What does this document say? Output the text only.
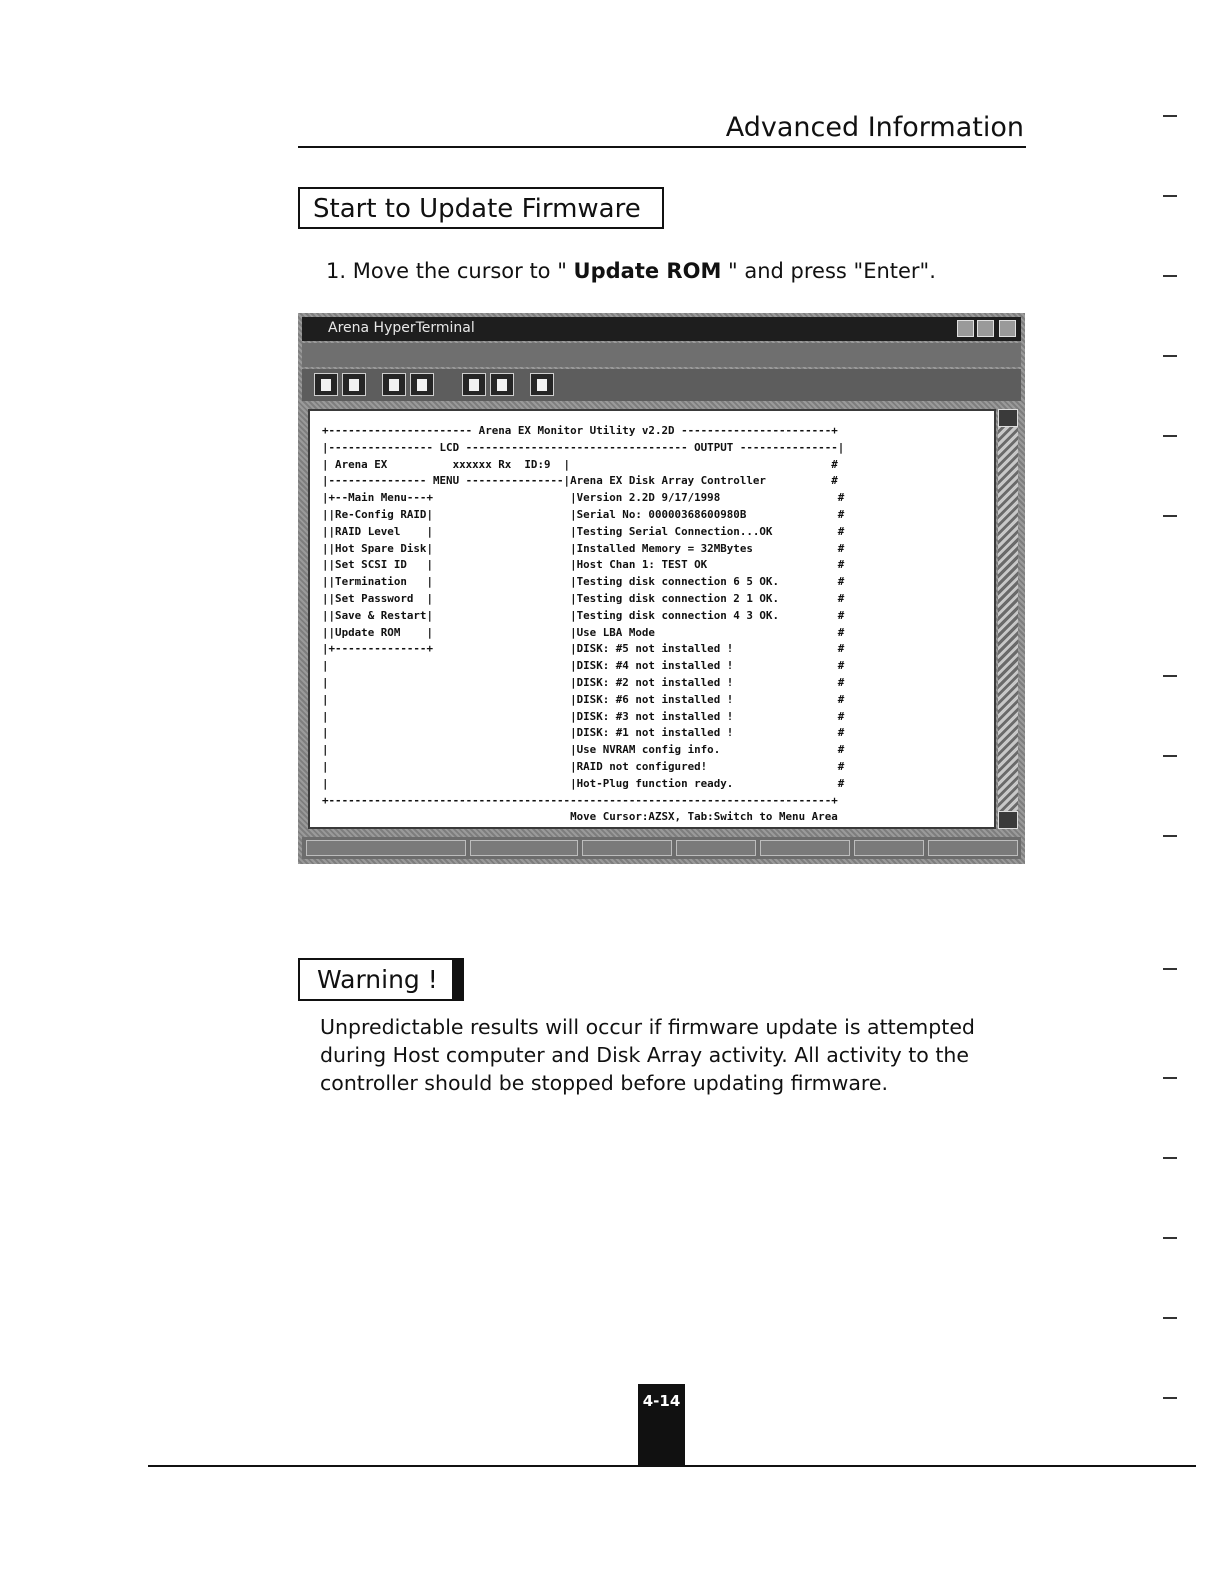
Advanced Information
Start to Update Firmware
1. Move the cursor to " Update ROM " and press "Enter".
Arena HyperTerminal
+---------------------- Arena EX Monitor Utility v2.2D -----------------------+
|---------------- LCD ---------------------------------- OUTPUT ---------------|
| Arena EX          xxxxxx Rx  ID:9  |                                        #
|--------------- MENU ---------------|Arena EX Disk Array Controller          #
|+--Main Menu---+                     |Version 2.2D 9/17/1998                  #
||Re-Config RAID|                     |Serial No: 00000368600980B              #
||RAID Level    |                     |Testing Serial Connection...OK          #
||Hot Spare Disk|                     |Installed Memory = 32MBytes             #
||Set SCSI ID   |                     |Host Chan 1: TEST OK                    #
||Termination   |                     |Testing disk connection 6 5 OK.         #
||Set Password  |                     |Testing disk connection 2 1 OK.         #
||Save & Restart|                     |Testing disk connection 4 3 OK.         #
||Update ROM    |                     |Use LBA Mode                            #
|+--------------+                     |DISK: #5 not installed !                #
|                                     |DISK: #4 not installed !                #
|                                     |DISK: #2 not installed !                #
|                                     |DISK: #6 not installed !                #
|                                     |DISK: #3 not installed !                #
|                                     |DISK: #1 not installed !                #
|                                     |Use NVRAM config info.                  #
|                                     |RAID not configured!                    #
|                                     |Hot-Plug function ready.                #
+-----------------------------------------------------------------------------+
Move Cursor:AZSX, Tab:Switch to Menu Area

Warning !
Unpredictable results will occur if firmware update is attempted during Host computer and Disk Array activity. All activity to the controller should be stopped before updating firmware.
4-14
